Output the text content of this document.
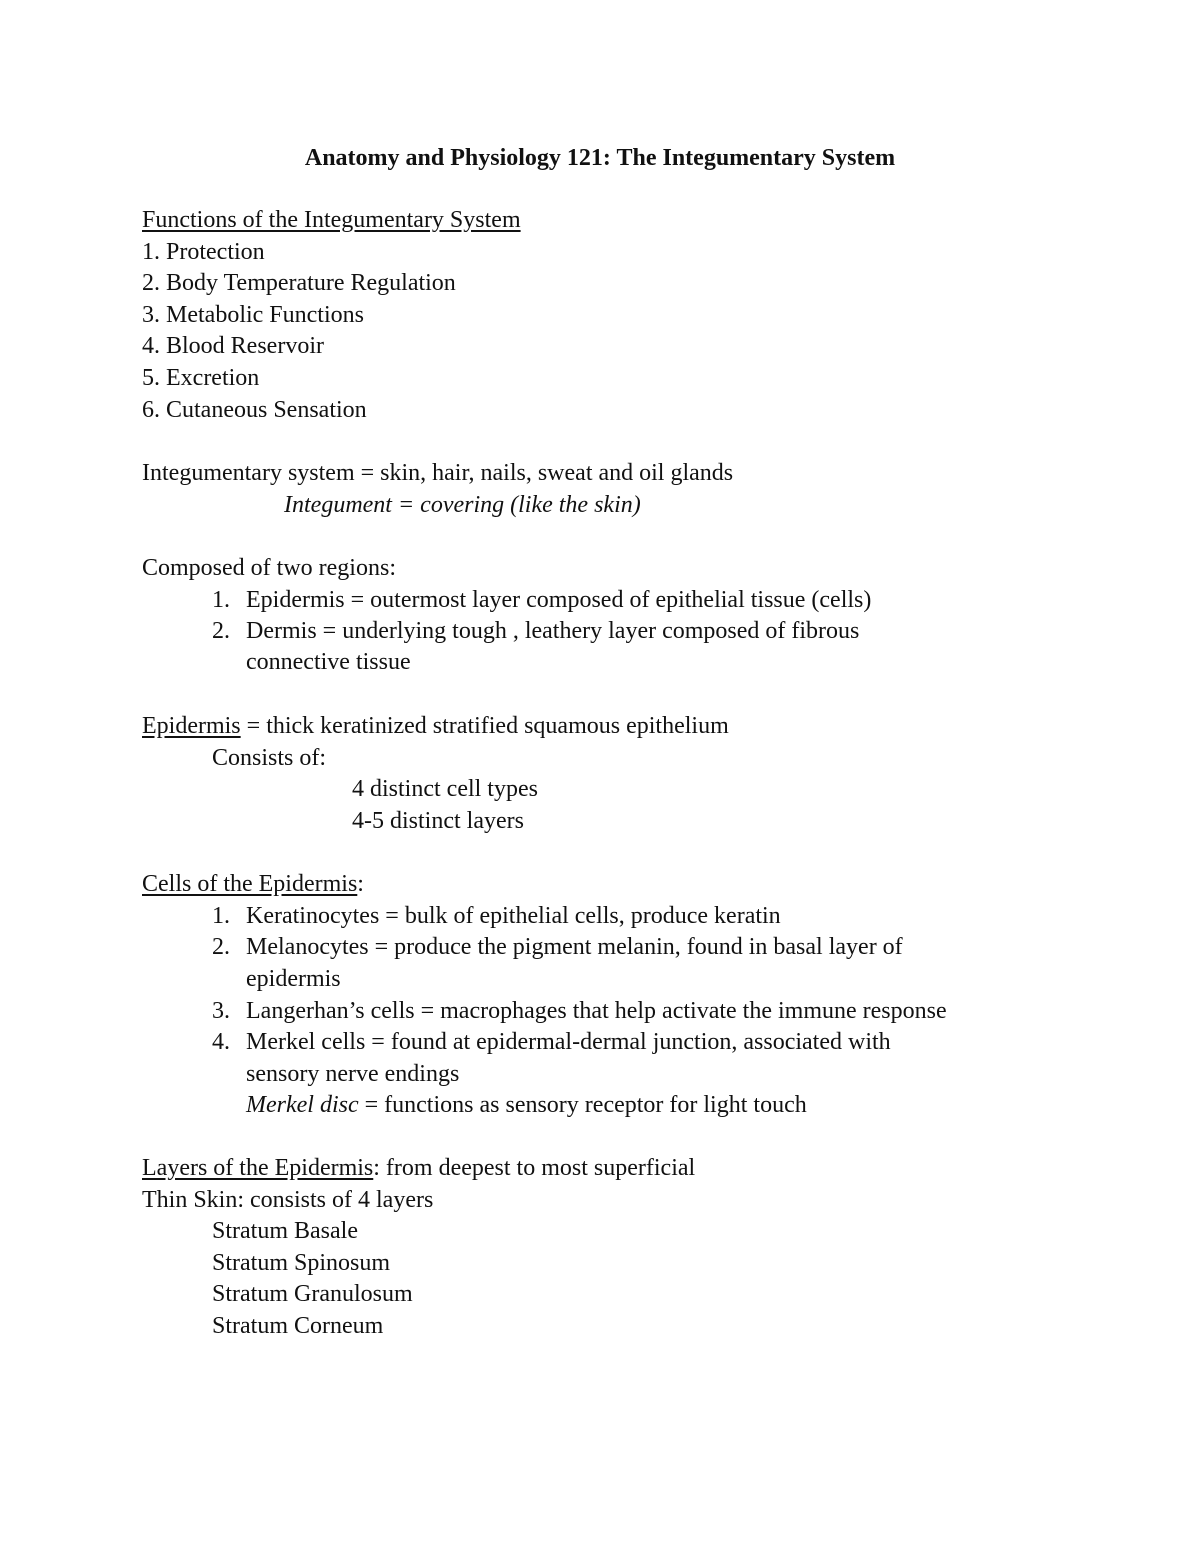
Anatomy and Physiology 121: The Integumentary System
Functions of the Integumentary System
1. Protection
2. Body Temperature Regulation
3. Metabolic Functions
4. Blood Reservoir
5. Excretion
6. Cutaneous Sensation
Integumentary system = skin, hair, nails, sweat and oil glands
Integument = covering (like the skin)
Composed of two regions:
1. Epidermis = outermost layer composed of epithelial tissue (cells)
2. Dermis = underlying tough , leathery layer composed of fibrous
connective tissue
Epidermis = thick keratinized stratified squamous epithelium
Consists of:
4 distinct cell types
4-5 distinct layers
Cells of the Epidermis:
1. Keratinocytes = bulk of epithelial cells, produce keratin
2. Melanocytes = produce the pigment melanin, found in basal layer of
epidermis
3. Langerhan’s cells = macrophages that help activate the immune response
4. Merkel cells = found at epidermal-dermal junction, associated with
sensory nerve endings
Merkel disc = functions as sensory receptor for light touch
Layers of the Epidermis: from deepest to most superficial
Thin Skin: consists of 4 layers
Stratum Basale
Stratum Spinosum
Stratum Granulosum
Stratum Corneum
